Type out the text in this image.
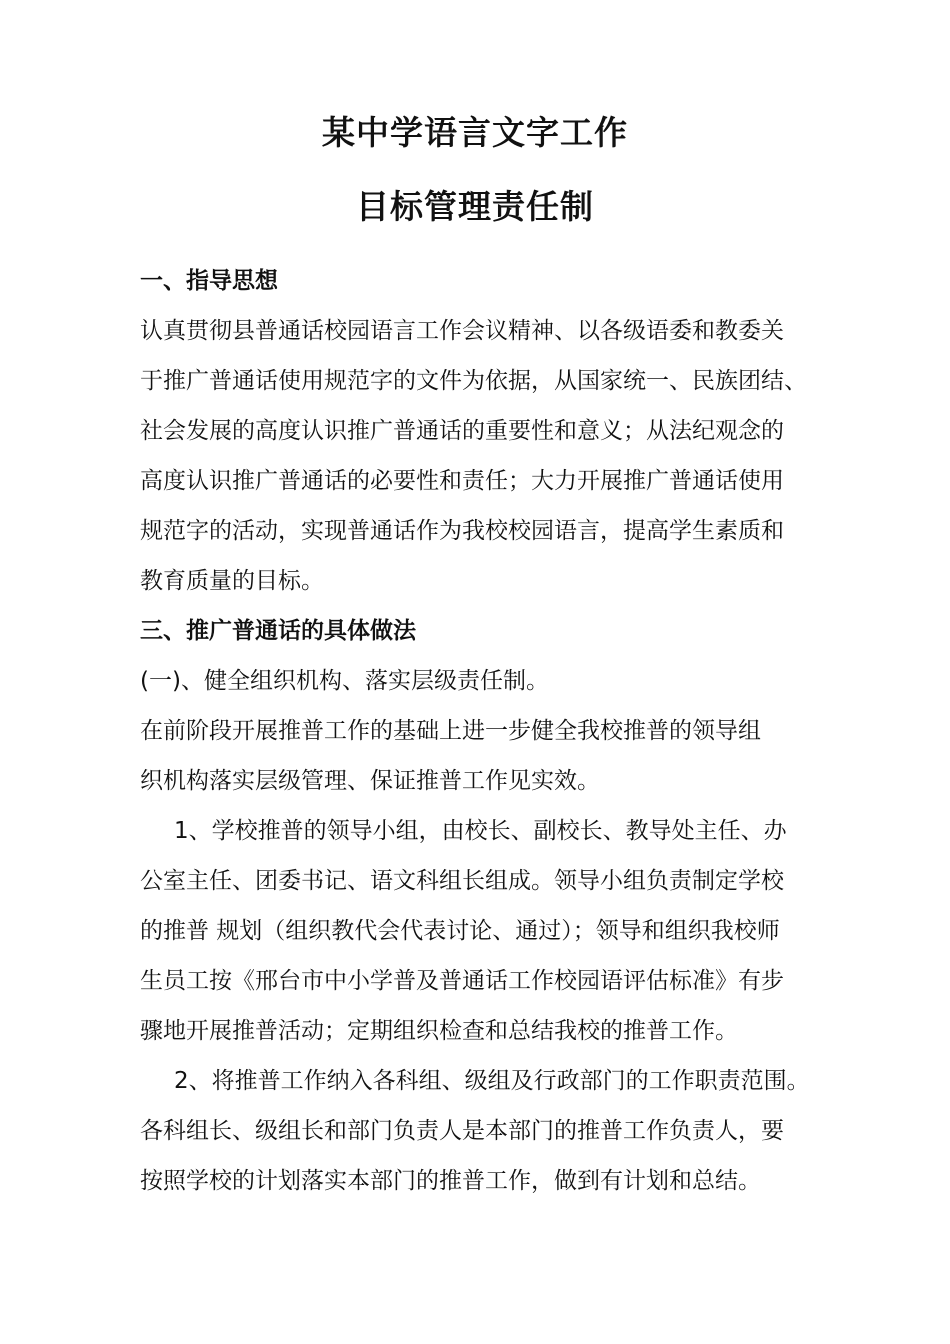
某中学语言文字工作
目标管理责任制
一、指导思想
认真贯彻县普通话校园语言工作会议精神、以各级语委和教委关
于推广普通话使用规范字的文件为依据，从国家统一、民族团结、
社会发展的高度认识推广普通话的重要性和意义；从法纪观念的
高度认识推广普通话的必要性和责任；大力开展推广普通话使用
规范字的活动，实现普通话作为我校校园语言，提高学生素质和
教育质量的目标。
三、推广普通话的具体做法
(一)、健全组织机构、落实层级责任制。
在前阶段开展推普工作的基础上进一步健全我校推普的领导组
织机构落实层级管理、保证推普工作见实效。
1、学校推普的领导小组，由校长、副校长、教导处主任、办
公室主任、团委书记、语文科组长组成。领导小组负责制定学校
的推普 规划（组织教代会代表讨论、通过）；领导和组织我校师
生员工按《邢台市中小学普及普通话工作校园语评估标准》有步
骤地开展推普活动；定期组织检查和总结我校的推普工作。
2、将推普工作纳入各科组、级组及行政部门的工作职责范围。
各科组长、级组长和部门负责人是本部门的推普工作负责人，要
按照学校的计划落实本部门的推普工作，做到有计划和总结。
